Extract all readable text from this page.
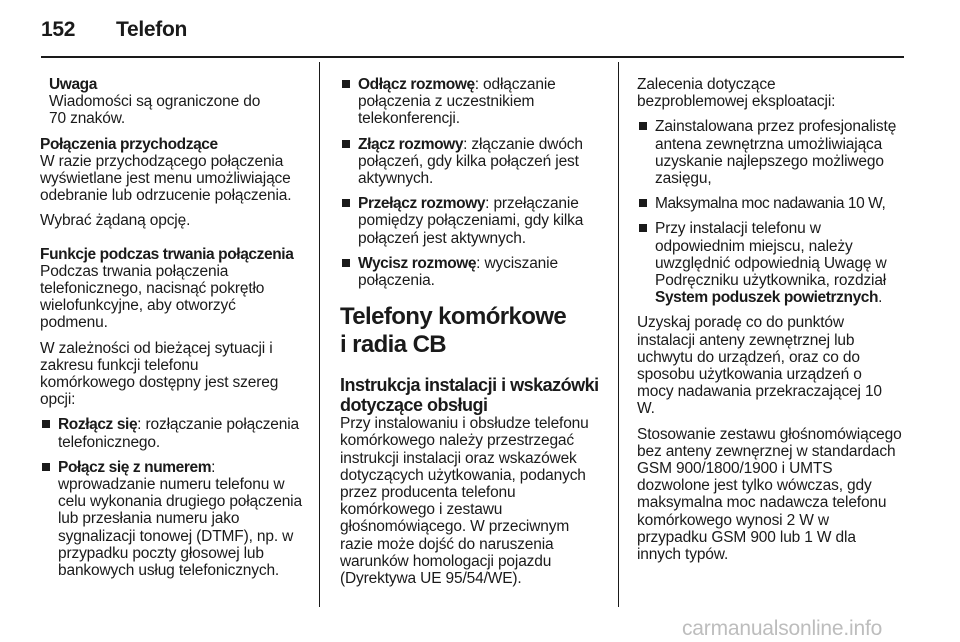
152 Telefon
Uwaga
Wiadomości są ograniczone do 70 znaków.
Połączenia przychodzące
W razie przychodzącego połączenia wyświetlane jest menu umożliwiające odebranie lub odrzucenie połączenia.
Wybrać żądaną opcję.
Funkcje podczas trwania połączenia
Podczas trwania połączenia telefonicznego, nacisnąć pokrętło wielofunkcyjne, aby otworzyć podmenu.
W zależności od bieżącej sytuacji i zakresu funkcji telefonu komórkowego dostępny jest szereg opcji:
Rozłącz się: rozłączanie połączenia telefonicznego.
Połącz się z numerem: wprowadzanie numeru telefonu w celu wykonania drugiego połączenia lub przesłania numeru jako sygnalizacji tonowej (DTMF), np. w przypadku poczty głosowej lub bankowych usług telefonicznych.
Odłącz rozmowę: odłączanie połączenia z uczestnikiem telekonferencji.
Złącz rozmowy: złączanie dwóch połączeń, gdy kilka połączeń jest aktywnych.
Przełącz rozmowy: przełączanie pomiędzy połączeniami, gdy kilka połączeń jest aktywnych.
Wycisz rozmowę: wyciszanie połączenia.
Telefony komórkowe i radia CB
Instrukcja instalacji i wskazówki dotyczące obsługi
Przy instalowaniu i obsłudze telefonu komórkowego należy przestrzegać instrukcji instalacji oraz wskazówek dotyczących użytkowania, podanych przez producenta telefonu komórkowego i zestawu głośnomówiącego. W przeciwnym razie może dojść do naruszenia warunków homologacji pojazdu (Dyrektywa UE 95/54/WE).
Zalecenia dotyczące bezproblemowej eksploatacji:
Zainstalowana przez profesjonalistę antena zewnętrzna umożliwiająca uzyskanie najlepszego możliwego zasięgu,
Maksymalna moc nadawania 10 W,
Przy instalacji telefonu w odpowiednim miejscu, należy uwzględnić odpowiednią Uwagę w Podręczniku użytkownika, rozdział System poduszek powietrznych.
Uzyskaj poradę co do punktów instalacji anteny zewnętrznej lub uchwytu do urządzeń, oraz co do sposobu użytkowania urządzeń o mocy nadawania przekraczającej 10 W.
Stosowanie zestawu głośnomówiącego bez anteny zewnęrznej w standardach GSM 900/1800/1900 i UMTS dozwolone jest tylko wówczas, gdy maksymalna moc nadawcza telefonu komórkowego wynosi 2 W w przypadku GSM 900 lub 1 W dla innych typów.
carmanualsonline.info
